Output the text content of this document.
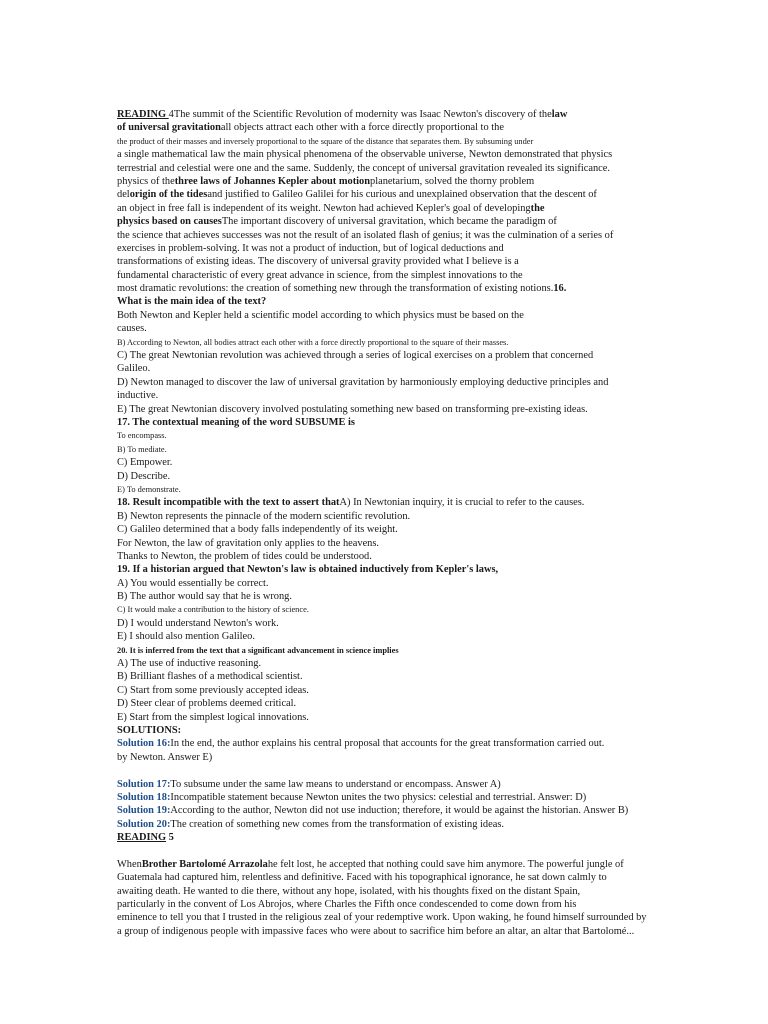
READING 4The summit of the Scientific Revolution of modernity was Isaac Newton's discovery of thelaw
of universal gravitationall objects attract each other with a force directly proportional to the
the product of their masses and inversely proportional to the square of the distance that separates them. By subsuming under
a single mathematical law the main physical phenomena of the observable universe, Newton demonstrated that physics
terrestrial and celestial were one and the same. Suddenly, the concept of universal gravitation revealed its significance.
physics of thethree laws of Johannes Kepler about motionplanetarium, solved the thorny problem
delorigin of the tidesand justified to Galileo Galilei for his curious and unexplained observation that the descent of
an object in free fall is independent of its weight. Newton had achieved Kepler's goal of developingthe
physics based on causesThe important discovery of universal gravitation, which became the paradigm of
the science that achieves successes was not the result of an isolated flash of genius; it was the culmination of a series of
exercises in problem-solving. It was not a product of induction, but of logical deductions and
transformations of existing ideas. The discovery of universal gravity provided what I believe is a
fundamental characteristic of every great advance in science, from the simplest innovations to the
most dramatic revolutions: the creation of something new through the transformation of existing notions.16.
What is the main idea of the text?
Both Newton and Kepler held a scientific model according to which physics must be based on the
causes.
B) According to Newton, all bodies attract each other with a force directly proportional to the square of their masses.
C) The great Newtonian revolution was achieved through a series of logical exercises on a problem that concerned
Galileo.
D) Newton managed to discover the law of universal gravitation by harmoniously employing deductive principles and
inductive.
E) The great Newtonian discovery involved postulating something new based on transforming pre-existing ideas.
17. The contextual meaning of the word SUBSUME is
To encompass.
B) To mediate.
C) Empower.
D) Describe.
E) To demonstrate.
18. Result incompatible with the text to assert thatA) In Newtonian inquiry, it is crucial to refer to the causes.
B) Newton represents the pinnacle of the modern scientific revolution.
C) Galileo determined that a body falls independently of its weight.
For Newton, the law of gravitation only applies to the heavens.
Thanks to Newton, the problem of tides could be understood.
19. If a historian argued that Newton's law is obtained inductively from Kepler's laws,
A) You would essentially be correct.
B) The author would say that he is wrong.
C) It would make a contribution to the history of science.
D) I would understand Newton's work.
E) I should also mention Galileo.
20. It is inferred from the text that a significant advancement in science implies
A) The use of inductive reasoning.
B) Brilliant flashes of a methodical scientist.
C) Start from some previously accepted ideas.
D) Steer clear of problems deemed critical.
E) Start from the simplest logical innovations.
SOLUTIONS:
Solution 16:In the end, the author explains his central proposal that accounts for the great transformation carried out.
by Newton. Answer E)
Solution 17:To subsume under the same law means to understand or encompass. Answer A)
Solution 18:Incompatible statement because Newton unites the two physics: celestial and terrestrial. Answer: D)
Solution 19:According to the author, Newton did not use induction; therefore, it would be against the historian. Answer B)
Solution 20:The creation of something new comes from the transformation of existing ideas.
READING 5
WhenBrother Bartolomé Arrazolahe felt lost, he accepted that nothing could save him anymore. The powerful jungle of
Guatemala had captured him, relentless and definitive. Faced with his topographical ignorance, he sat down calmly to
awaiting death. He wanted to die there, without any hope, isolated, with his thoughts fixed on the distant Spain,
particularly in the convent of Los Abrojos, where Charles the Fifth once condescended to come down from his
eminence to tell you that I trusted in the religious zeal of your redemptive work. Upon waking, he found himself surrounded by
a group of indigenous people with impassive faces who were about to sacrifice him before an altar, an altar that Bartolomé...
